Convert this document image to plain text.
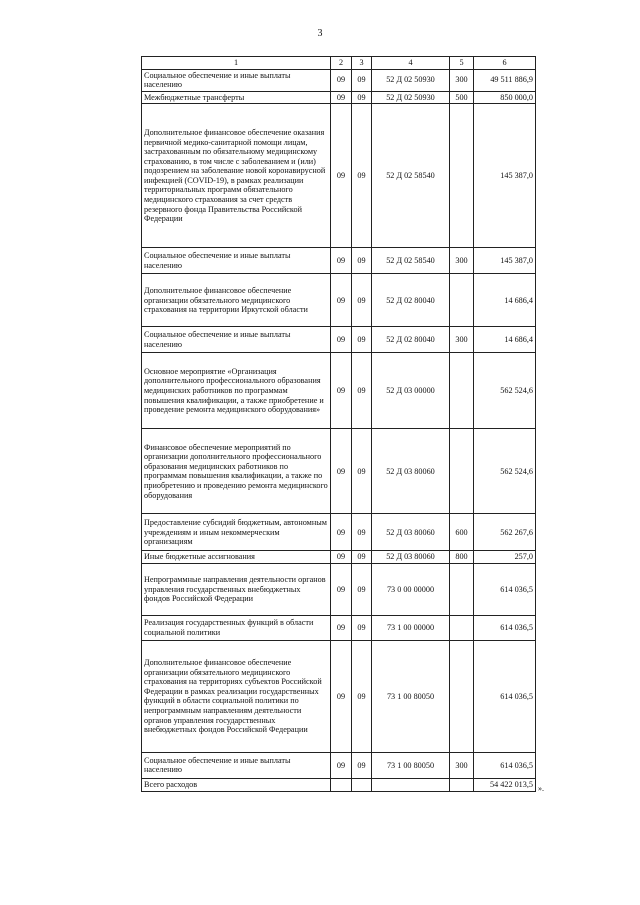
3
1	2	3	4	5	6
Социальное обеспечение и иные выплаты населению	09	09	52 Д 02 50930	300	49 511 886,9
Межбюджетные трансферты	09	09	52 Д 02 50930	500	850 000,0
Дополнительное финансовое обеспечение оказания первичной медико-санитарной помощи лицам, застрахованным по обязательному медицинскому страхованию, в том числе с заболеванием и (или) подозрением на заболевание новой коронавирусной инфекцией (COVID-19), в рамках реализации территориальных программ обязательного медицинского страхования за счет средств резервного фонда Правительства Российской Федерации	09	09	52 Д 02 58540		145 387,0
Социальное обеспечение и иные выплаты населению	09	09	52 Д 02 58540	300	145 387,0
Дополнительное финансовое обеспечение организации обязательного медицинского страхования на территории Иркутской области	09	09	52 Д 02 80040		14 686,4
Социальное обеспечение и иные выплаты населению	09	09	52 Д 02 80040	300	14 686,4
Основное мероприятие «Организация дополнительного профессионального образования медицинских работников по программам повышения квалификации, а также приобретение и проведение ремонта медицинского оборудования»	09	09	52 Д 03 00000		562 524,6
Финансовое обеспечение мероприятий по организации дополнительного профессионального образования медицинских работников по программам повышения квалификации, а также по приобретению и проведению ремонта медицинского оборудования	09	09	52 Д 03 80060		562 524,6
Предоставление субсидий бюджетным, автономным учреждениям и иным некоммерческим организациям	09	09	52 Д 03 80060	600	562 267,6
Иные бюджетные ассигнования	09	09	52 Д 03 80060	800	257,0
Непрограммные направления деятельности органов управления государственных внебюджетных фондов Российской Федерации	09	09	73 0 00 00000		614 036,5
Реализация государственных функций в области социальной политики	09	09	73 1 00 00000		614 036,5
Дополнительное финансовое обеспечение организации обязательного медицинского страхования на территориях субъектов Российской Федерации в рамках реализации государственных функций в области социальной политики по непрограммным направлениям деятельности органов управления государственных внебюджетных фондов Российской Федерации	09	09	73 1 00 80050		614 036,5
Социальное обеспечение и иные выплаты населению	09	09	73 1 00 80050	300	614 036,5
Всего расходов					54 422 013,5 ».
